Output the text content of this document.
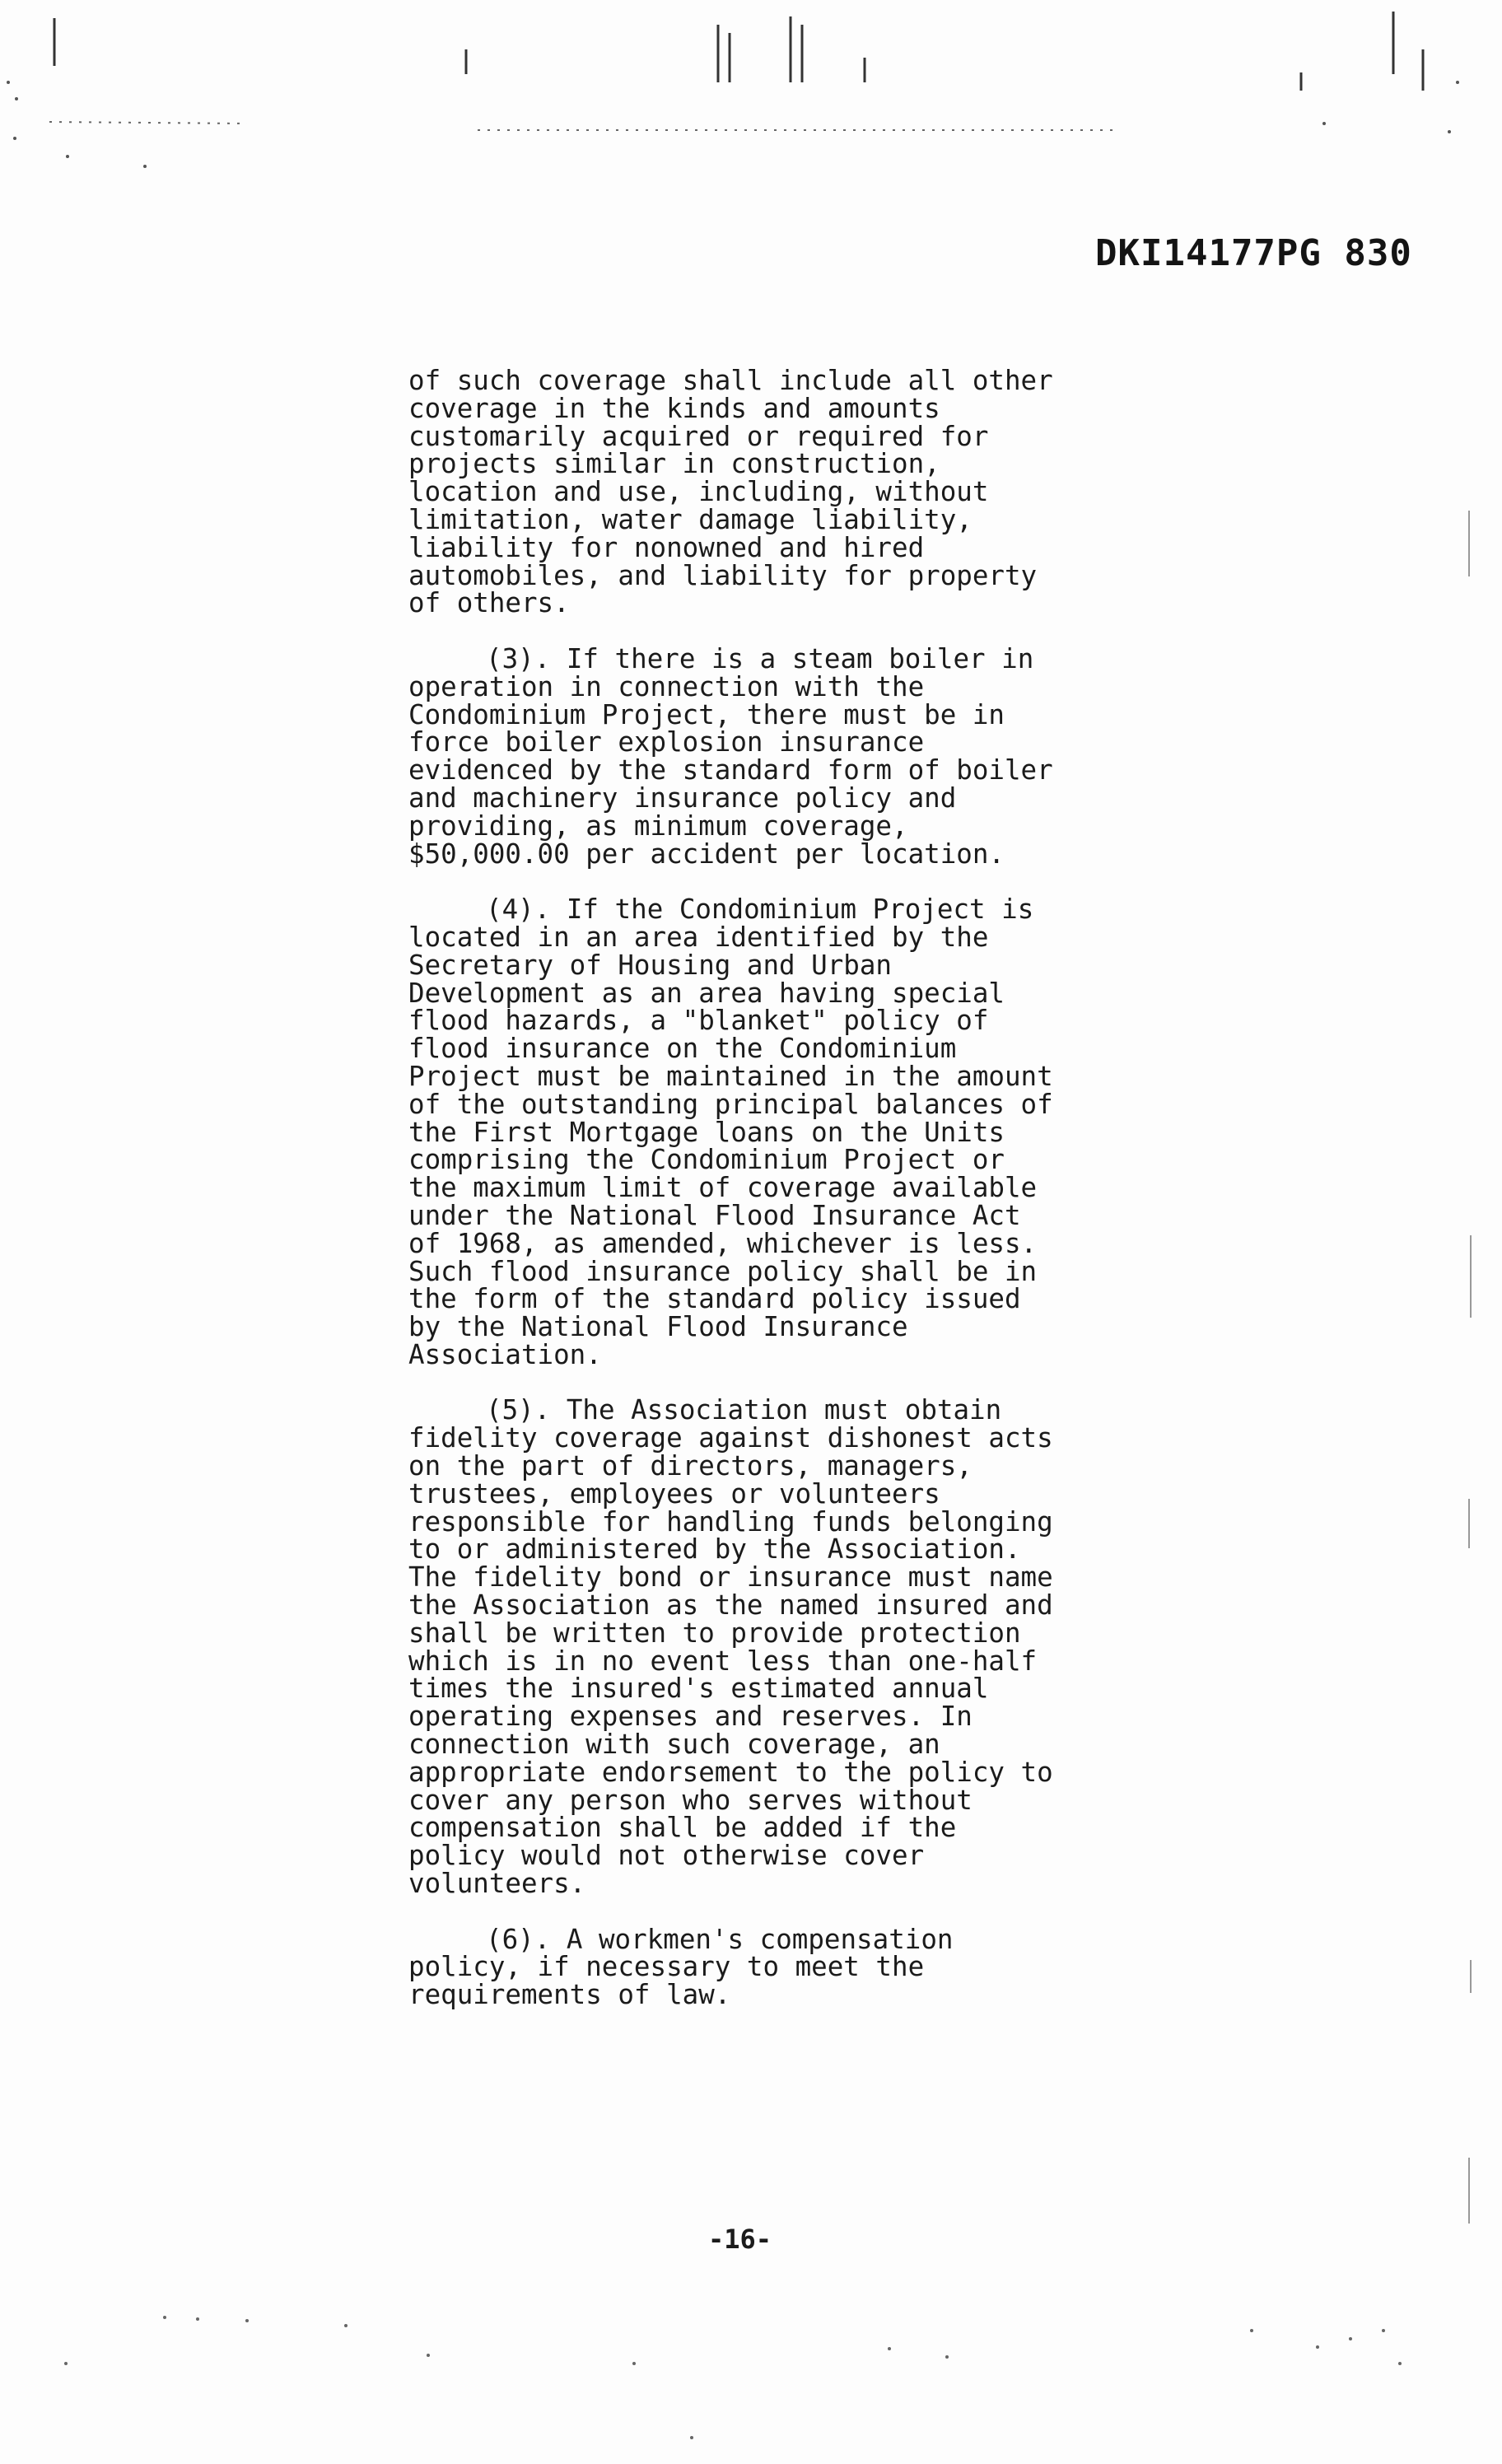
DKI14177PG 830

of such coverage shall include all other
coverage in the kinds and amounts
customarily acquired or required for
projects similar in construction,
location and use, including, without
limitation, water damage liability,
liability for nonowned and hired
automobiles, and liability for property
of others.

(3). If there is a steam boiler in
operation in connection with the
Condominium Project, there must be in
force boiler explosion insurance
evidenced by the standard form of boiler
and machinery insurance policy and
providing, as minimum coverage,
$50,000.00 per accident per location.

(4). If the Condominium Project is
located in an area identified by the
Secretary of Housing and Urban
Development as an area having special
flood hazards, a "blanket" policy of
flood insurance on the Condominium
Project must be maintained in the amount
of the outstanding principal balances of
the First Mortgage loans on the Units
comprising the Condominium Project or
the maximum limit of coverage available
under the National Flood Insurance Act
of 1968, as amended, whichever is less.
Such flood insurance policy shall be in
the form of the standard policy issued
by the National Flood Insurance
Association.

(5). The Association must obtain
fidelity coverage against dishonest acts
on the part of directors, managers,
trustees, employees or volunteers
responsible for handling funds belonging
to or administered by the Association.
The fidelity bond or insurance must name
the Association as the named insured and
shall be written to provide protection
which is in no event less than one-half
times the insured's estimated annual
operating expenses and reserves. In
connection with such coverage, an
appropriate endorsement to the policy to
cover any person who serves without
compensation shall be added if the
policy would not otherwise cover
volunteers.

(6). A workmen's compensation
policy, if necessary to meet the
requirements of law.

-16-
